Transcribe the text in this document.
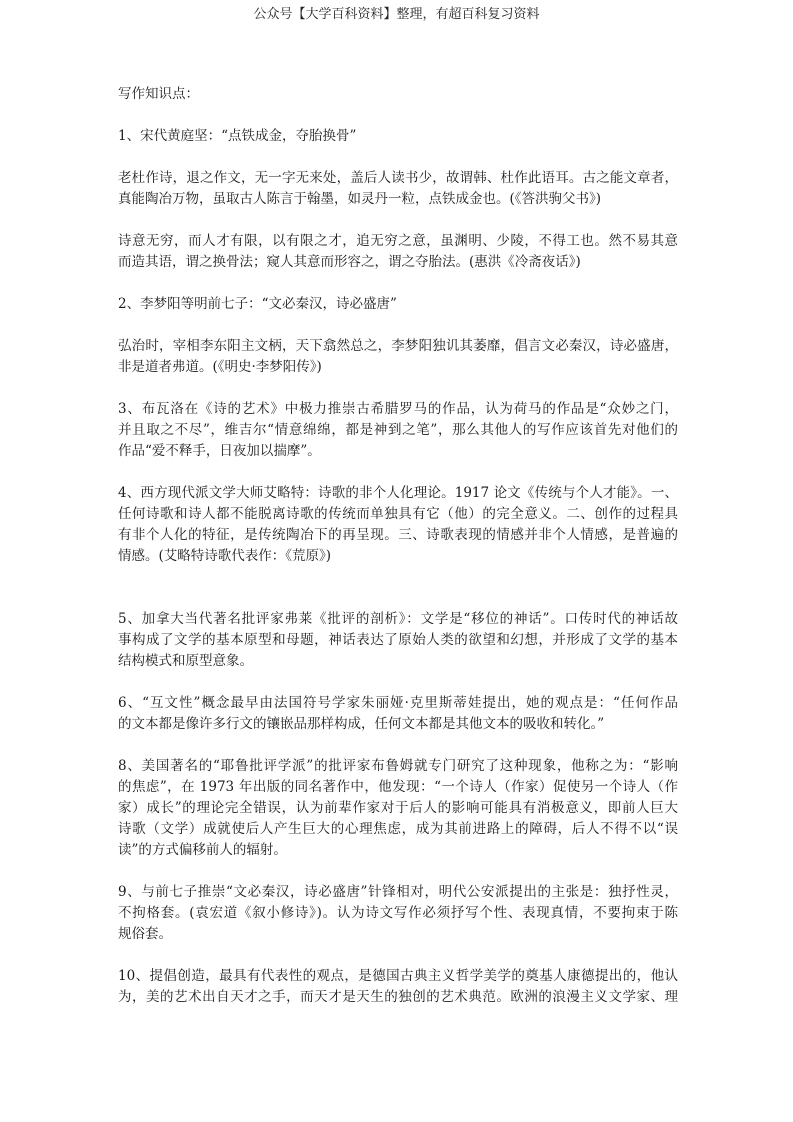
公众号【大学百科资料】整理，有超百科复习资料
写作知识点：
1、宋代黄庭坚：“点铁成金，夺胎换骨”
老杜作诗，退之作文，无一字无来处，盖后人读书少，故谓韩、杜作此语耳。古之能文章者，
真能陶冶万物，虽取古人陈言于翰墨，如灵丹一粒，点铁成金也。(《答洪驹父书》)
诗意无穷，而人才有限，以有限之才，追无穷之意，虽渊明、少陵，不得工也。然不易其意
而造其语，谓之换骨法；窥人其意而形容之，谓之夺胎法。(惠洪《冷斋夜话》)
2、李梦阳等明前七子：“文必秦汉，诗必盛唐”
弘治时，宰相李东阳主文柄，天下翕然总之，李梦阳独讥其萎靡，倡言文必秦汉，诗必盛唐，
非是道者弗道。(《明史·李梦阳传》)
3、布瓦洛在《诗的艺术》中极力推崇古希腊罗马的作品，认为荷马的作品是“众妙之门，
并且取之不尽”，维吉尔“情意绵绵，都是神到之笔”，那么其他人的写作应该首先对他们的
作品“爱不释手，日夜加以揣摩”。
4、西方现代派文学大师艾略特：诗歌的非个人化理论。1917 论文《传统与个人才能》。一、
任何诗歌和诗人都不能脱离诗歌的传统而单独具有它（他）的完全意义。二、创作的过程具
有非个人化的特征，是传统陶冶下的再呈现。三、诗歌表现的情感并非个人情感，是普遍的
情感。(艾略特诗歌代表作：《荒原》)
5、加拿大当代著名批评家弗莱《批评的剖析》：文学是“移位的神话”。口传时代的神话故
事构成了文学的基本原型和母题，神话表达了原始人类的欲望和幻想，并形成了文学的基本
结构模式和原型意象。
6、“互文性”概念最早由法国符号学家朱丽娅·克里斯蒂娃提出，她的观点是：“任何作品
的文本都是像许多行文的镶嵌品那样构成，任何文本都是其他文本的吸收和转化。”
8、美国著名的“耶鲁批评学派”的批评家布鲁姆就专门研究了这种现象，他称之为：“影响
的焦虑”，在 1973 年出版的同名著作中，他发现：“一个诗人（作家）促使另一个诗人（作
家）成长”的理论完全错误，认为前辈作家对于后人的影响可能具有消极意义，即前人巨大
诗歌（文学）成就使后人产生巨大的心理焦虑，成为其前进路上的障碍，后人不得不以“误
读”的方式偏移前人的辐射。
9、与前七子推崇“文必秦汉，诗必盛唐”针锋相对，明代公安派提出的主张是：独抒性灵，
不拘格套。(袁宏道《叙小修诗》)。认为诗文写作必须抒写个性、表现真情，不要拘束于陈
规俗套。
10、提倡创造，最具有代表性的观点，是德国古典主义哲学美学的奠基人康德提出的，他认
为，美的艺术出自天才之手，而天才是天生的独创的艺术典范。欧洲的浪漫主义文学家、理
